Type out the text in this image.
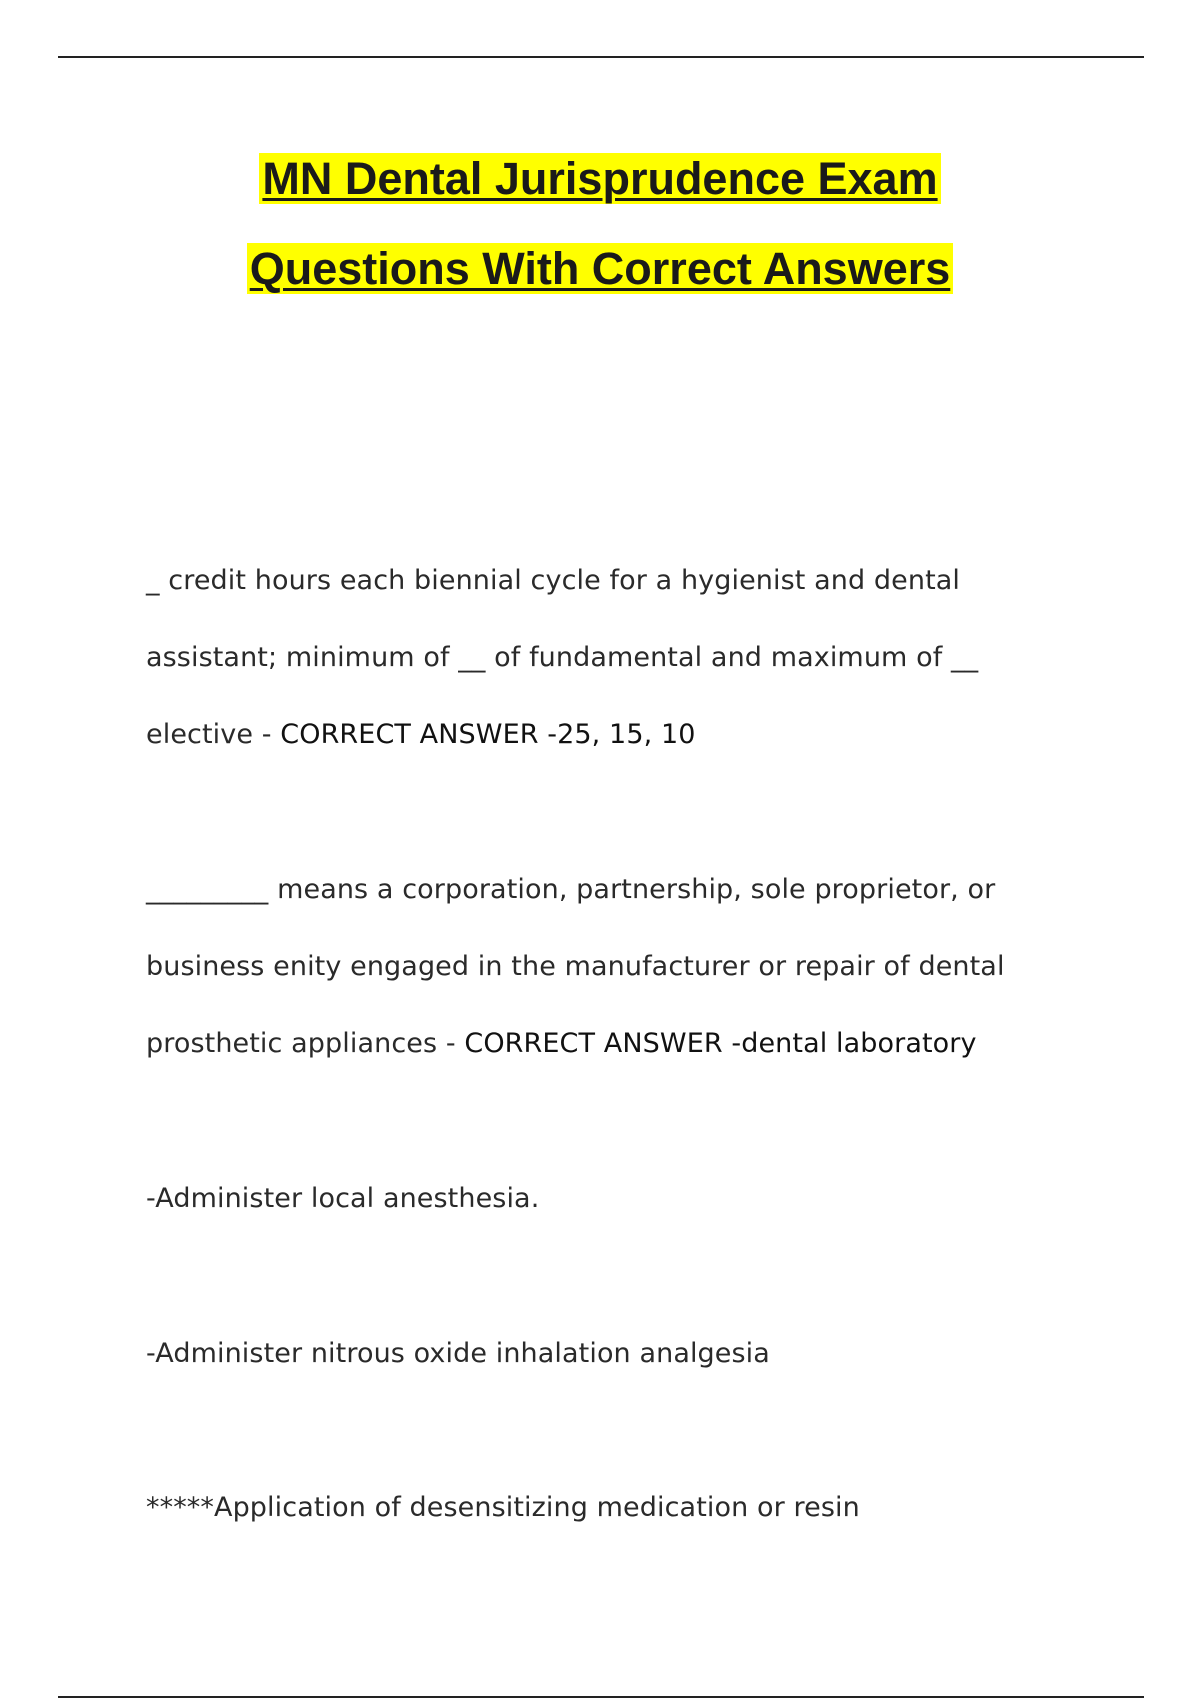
MN Dental Jurisprudence Exam
Questions With Correct Answers
_ credit hours each biennial cycle for a hygienist and dental
assistant; minimum of __ of fundamental and maximum of __
elective - CORRECT ANSWER -25, 15, 10
_________ means a corporation, partnership, sole proprietor, or
business enity engaged in the manufacturer or repair of dental
prosthetic appliances - CORRECT ANSWER -dental laboratory
-Administer local anesthesia.
-Administer nitrous oxide inhalation analgesia
*****Application of desensitizing medication or resin
